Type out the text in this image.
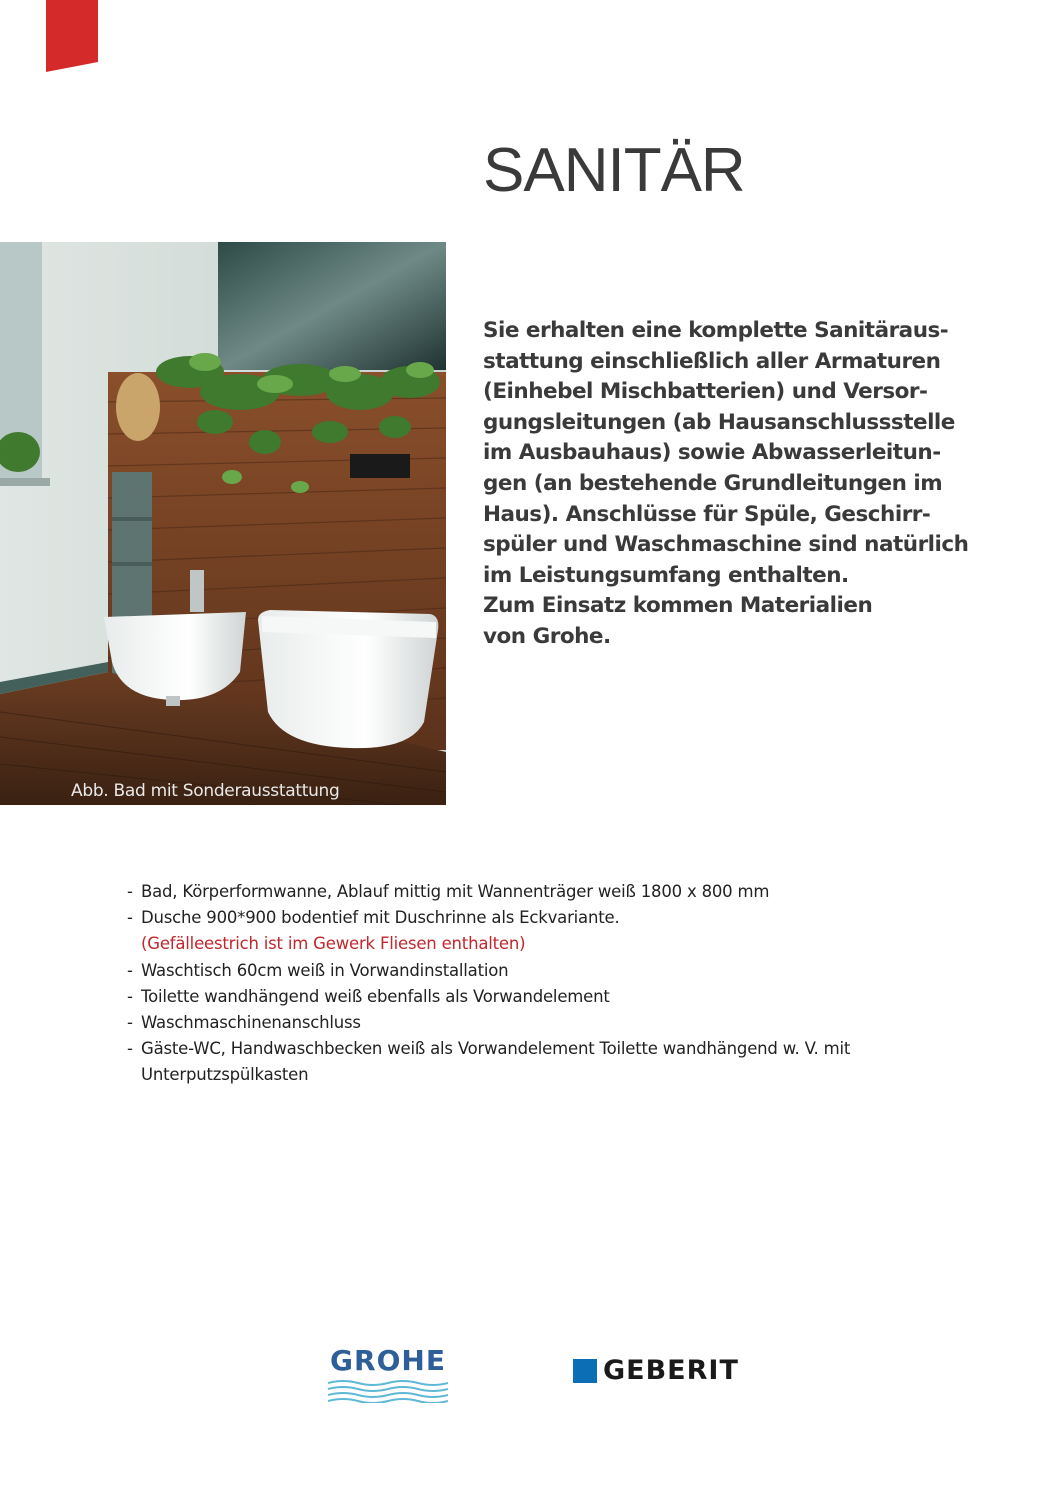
SANITÄR
Abb. Bad mit Sonderausstattung

Sie erhalten eine komplette Sanitäraus-

stattung einschließlich aller Armaturen

(Einhebel Mischbatterien) und Versor-

gungsleitungen (ab Hausanschlussstelle

im Ausbauhaus) sowie Abwasserleitun-

gen (an bestehende Grundleitungen im

Haus). Anschlüsse für Spüle, Geschirr-

spüler und Waschmaschine sind natürlich

im Leistungsumfang enthalten.

Zum Einsatz kommen Materialien

von Grohe.

- Bad, Körperformwanne, Ablauf mittig mit Wannenträger weiß 1800 x 800 mm
- Dusche 900*900 bodentief mit Duschrinne als Eckvariante.
(Gefälleestrich ist im Gewerk Fliesen enthalten)
- Waschtisch 60cm weiß in Vorwandinstallation
- Toilette wandhängend weiß ebenfalls als Vorwandelement
- Waschmaschinenanschluss
- Gäste-WC, Handwaschbecken weiß als Vorwandelement Toilette wandhängend w. V. mit
Unterputzspülkasten
GROHE	GEBERIT
